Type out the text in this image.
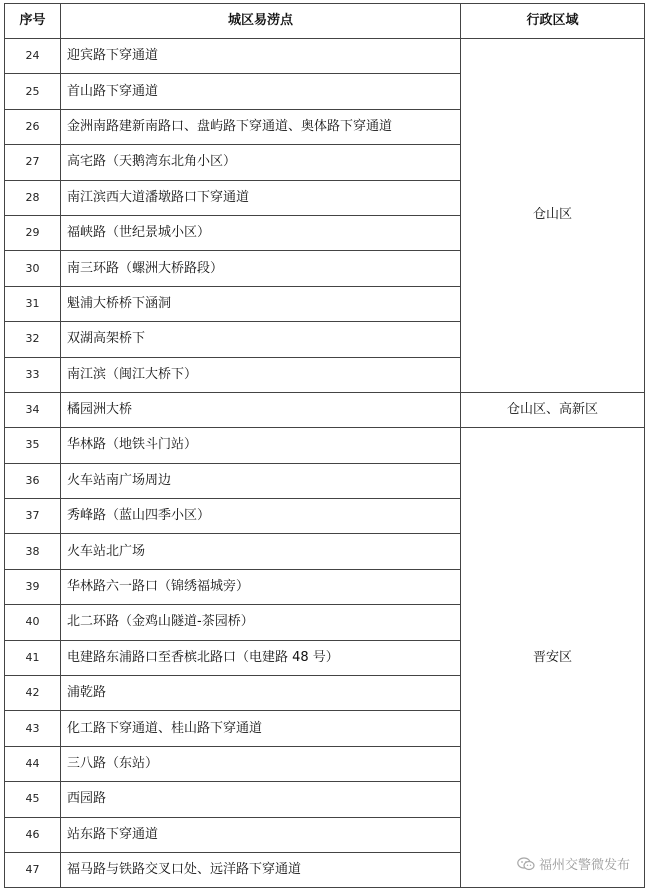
序号	城区易涝点	行政区域
24	迎宾路下穿通道	仓山区
25	首山路下穿通道	
26	金洲南路建新南路口、盘屿路下穿通道、奥体路下穿通道	
27	高宅路（天鹅湾东北角小区）	
28	南江滨西大道潘墩路口下穿通道	
29	福峡路（世纪景城小区）	
30	南三环路（螺洲大桥路段）	
31	魁浦大桥桥下涵洞	
32	双湖高架桥下	
33	南江滨（闽江大桥下）	
34	橘园洲大桥	仓山区、高新区
35	华林路（地铁斗门站）	晋安区
36	火车站南广场周边	
37	秀峰路（蓝山四季小区）	
38	火车站北广场	
39	华林路六一路口（锦绣福城旁）	
40	北二环路（金鸡山隧道-茶园桥）	
41	电建路东浦路口至香槟北路口（电建路 48 号）	
42	浦乾路	
43	化工路下穿通道、桂山路下穿通道	
44	三八路（东站）	
45	西园路	
46	站东路下穿通道	
47	福马路与铁路交叉口处、远洋路下穿通道		福州交警微发布
